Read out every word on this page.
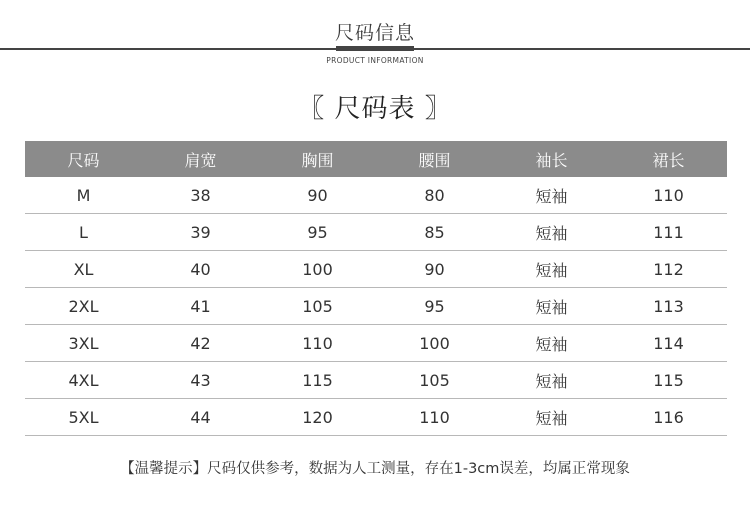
尺码信息
PRODUCT INFORMATION
〖 尺码表 〗
尺码	肩宽	胸围	腰围	袖长	裙长
M	38	90	80	短袖	110
L	39	95	85	短袖	111
XL	40	100	90	短袖	112
2XL	41	105	95	短袖	113
3XL	42	110	100	短袖	114
4XL	43	115	105	短袖	115
5XL	44	120	110	短袖	116
【温馨提示】尺码仅供参考，数据为人工测量，存在1-3cm误差，均属正常现象
